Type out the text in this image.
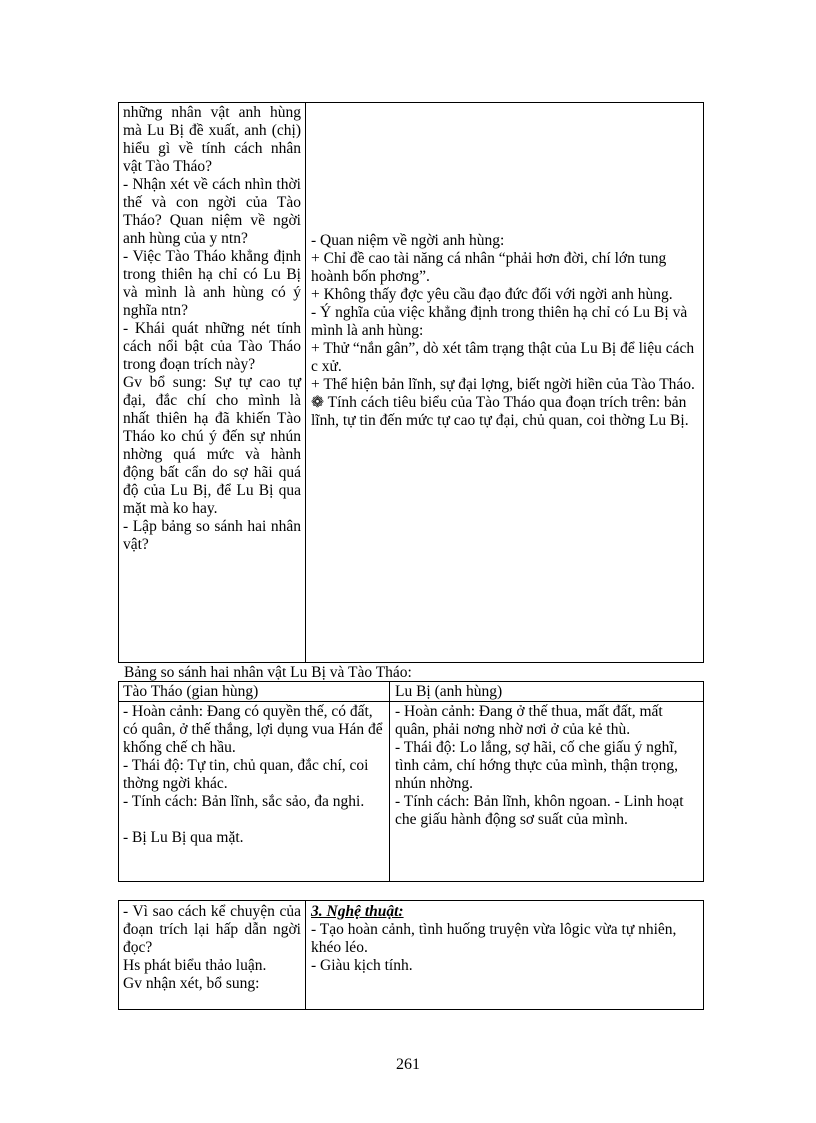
những nhân vật anh hùng mà Lu Bị đề xuất, anh (chị) hiểu gì về tính cách nhân vật Tào Tháo?

- Nhận xét về cách nhìn thời thế và con ngời của Tào Tháo? Quan niệm về ngời anh hùng của y ntn?

- Việc Tào Tháo khẳng định trong thiên hạ chỉ có Lu Bị và mình là anh hùng có ý nghĩa ntn?

- Khái quát những nét tính cách nổi bật của Tào Tháo trong đoạn trích này?

Gv bổ sung: Sự tự cao tự đại, đắc chí cho mình là nhất thiên hạ đã khiến Tào Tháo ko chú ý đến sự nhún nhờng quá mức và hành động bất cẩn do sợ hãi quá độ của Lu Bị, để Lu Bị qua mặt mà ko hay.

- Lập bảng so sánh hai nhân vật?

- Quan niệm về ngời anh hùng:

+ Chỉ đề cao tài năng cá nhân “phải hơn đời, chí lớn tung hoành bốn phơng”.

+ Không thấy đợc yêu cầu đạo đức đối với ngời anh hùng.

- Ý nghĩa của việc khẳng định trong thiên hạ chỉ có Lu Bị và mình là anh hùng:

+ Thử “nắn gân”, dò xét tâm trạng thật của Lu Bị để liệu cách c xử.

+ Thể hiện bản lĩnh, sự đại lợng, biết ngời hiền của Tào Tháo.

❁ Tính cách tiêu biểu của Tào Tháo qua đoạn trích trên: bản lĩnh, tự tin đến mức tự cao tự đại, chủ quan, coi thờng Lu Bị.

Bảng so sánh hai nhân vật Lu Bị và Tào Tháo:
Tào Tháo (gian hùng)	Lu Bị (anh hùng)

- Hoàn cảnh: Đang có quyền thế, có đất, có quân, ở thế thắng, lợi dụng vua Hán để khống chế ch hầu.

- Thái độ: Tự tin, chủ quan, đắc chí, coi thờng ngời khác.

- Tính cách: Bản lĩnh, sắc sảo, đa nghi.

- Bị Lu Bị qua mặt.

- Hoàn cảnh: Đang ở thế thua, mất đất, mất quân, phải nơng nhờ nơi ở của kẻ thù.

- Thái độ: Lo lắng, sợ hãi, cố che giấu ý nghĩ, tình cảm, chí hớng thực của mình, thận trọng, nhún nhờng.

- Tính cách: Bản lĩnh, khôn ngoan. - Linh hoạt che giấu hành động sơ suất của mình.

- Vì sao cách kể chuyện của đoạn trích lại hấp dẫn ngời đọc?

Hs phát biểu thảo luận.

Gv nhận xét, bổ sung:

3. Nghệ thuật:

- Tạo hoàn cảnh, tình huống truyện vừa lôgic vừa tự nhiên, khéo léo.

- Giàu kịch tính.

261
